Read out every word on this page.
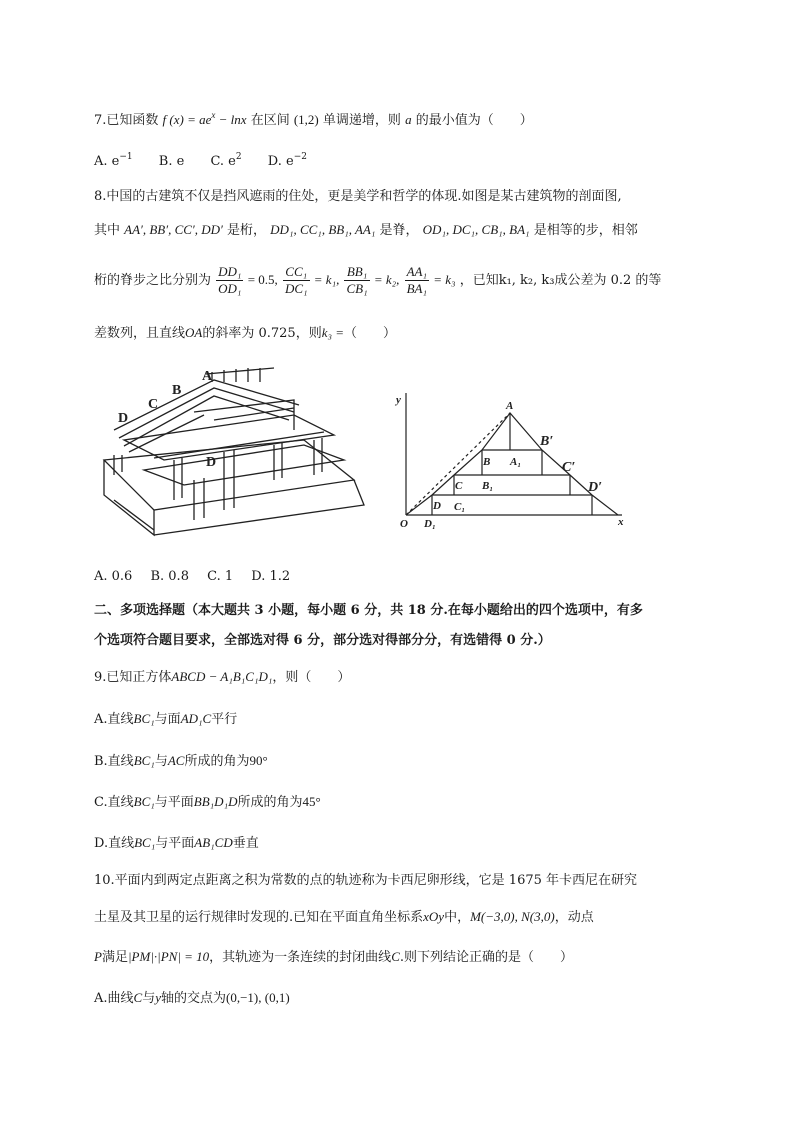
7.已知函数 f $(x) = ae^x - \ln x$ 在区间 (1,2) 单调递增，则 a 的最小值为（　　）
A. $e^{-1}$ B. e C. $e^2$ D. $e^{-2}$
8.中国的古建筑不仅是挡风遮雨的住处，更是美学和哲学的体现.如图是某古建筑物的剖面图,
其中 AA′, BB′, CC′, DD′ 是桁， DD₁, CC₁, BB₁, AA₁ 是脊， OD₁, DC₁, CB₁, BA₁ 是相等的步，相邻
桁的脊步之比分别为 $\frac{\text{DD₁}}{\text{OD₁}} = 0.5$, $\frac{\text{CC₁}}{\text{DC₁}} = k_1$, $\frac{\text{BB₁}}{\text{CB₁}} = k_2$, $\frac{\text{AA₁}}{\text{BA₁}} = k_3$ ，已知k₁, k₂, k₃成公差为 0.2 的等
差数列，且直线OA的斜率为 0.725，则k₃ =（　　）
A
B
C
D
D
y
x
O D₁
C₁
B₁
A₁
D
C
B
A
B′
C′
D′
A. 0.6 B. 0.8 C. 1 D. 1.2
二、多项选择题（本大题共 3 小题，每小题 6 分，共 18 分.在每小题给出的四个选项中，有多
个选项符合题目要求，全部选对得 6 分，部分选对得部分分，有选错得 0 分.）
9.已知正方体ABCD − A₁B₁C₁D₁，则（　　）
A.直线BC₁与面AD₁C平行
B.直线BC₁与AC所成的角为90°
C.直线BC₁与平面BB₁D₁D所成的角为45°
D.直线BC₁与平面AB₁CD垂直
10.平面内到两定点距离之积为常数的点的轨迹称为卡西尼卵形线，它是 1675 年卡西尼在研究
土星及其卫星的运行规律时发现的.已知在平面直角坐标系xOy中，M(−3,0), N(3,0)，动点
P满足|PM|·|PN| = 10，其轨迹为一条连续的封闭曲线C.则下列结论正确的是（　　）
A.曲线C与y轴的交点为(0,−1), (0,1)
